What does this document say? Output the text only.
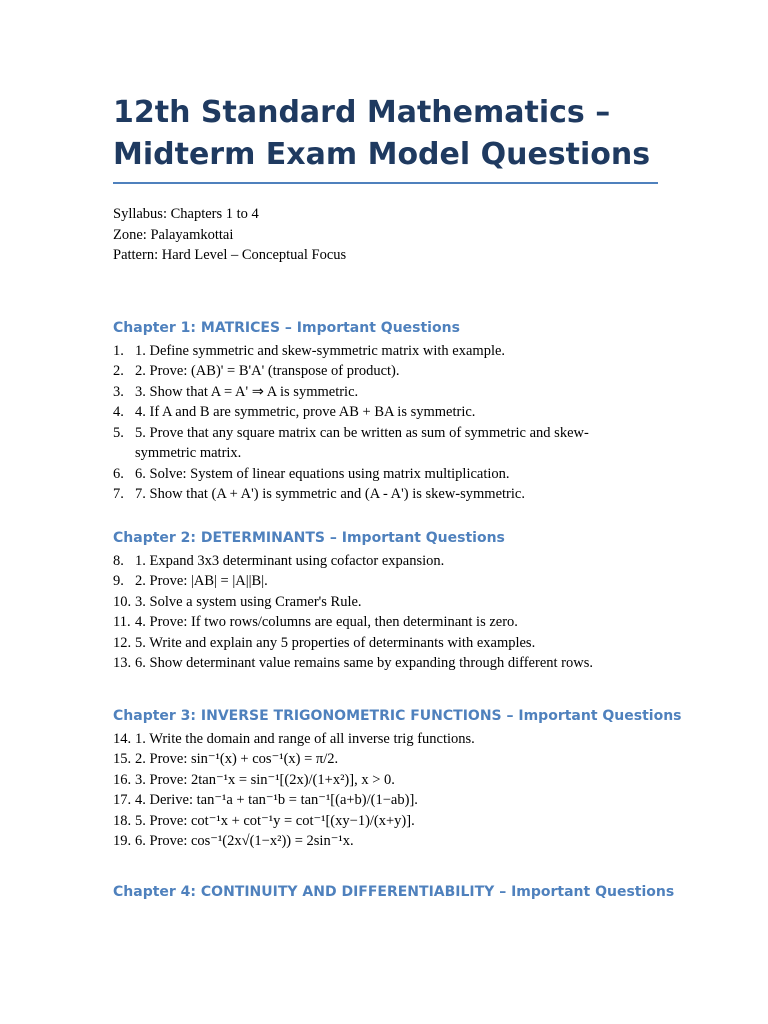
12th Standard Mathematics – Midterm Exam Model Questions
Syllabus: Chapters 1 to 4
Zone: Palayamkottai
Pattern: Hard Level – Conceptual Focus
Chapter 1: MATRICES – Important Questions
1. 1. Define symmetric and skew-symmetric matrix with example.
2. 2. Prove: (AB)' = B'A' (transpose of product).
3. 3. Show that A = A' ⇒ A is symmetric.
4. 4. If A and B are symmetric, prove AB + BA is symmetric.
5. 5. Prove that any square matrix can be written as sum of symmetric and skew-symmetric matrix.
6. 6. Solve: System of linear equations using matrix multiplication.
7. 7. Show that (A + A') is symmetric and (A - A') is skew-symmetric.
Chapter 2: DETERMINANTS – Important Questions
8. 1. Expand 3x3 determinant using cofactor expansion.
9. 2. Prove: |AB| = |A||B|.
10. 3. Solve a system using Cramer's Rule.
11. 4. Prove: If two rows/columns are equal, then determinant is zero.
12. 5. Write and explain any 5 properties of determinants with examples.
13. 6. Show determinant value remains same by expanding through different rows.
Chapter 3: INVERSE TRIGONOMETRIC FUNCTIONS – Important Questions
14. 1. Write the domain and range of all inverse trig functions.
15. 2. Prove: sin⁻¹(x) + cos⁻¹(x) = π/2.
16. 3. Prove: 2tan⁻¹x = sin⁻¹[(2x)/(1+x²)], x > 0.
17. 4. Derive: tan⁻¹a + tan⁻¹b = tan⁻¹[(a+b)/(1−ab)].
18. 5. Prove: cot⁻¹x + cot⁻¹y = cot⁻¹[(xy−1)/(x+y)].
19. 6. Prove: cos⁻¹(2x√(1−x²)) = 2sin⁻¹x.
Chapter 4: CONTINUITY AND DIFFERENTIABILITY – Important Questions
